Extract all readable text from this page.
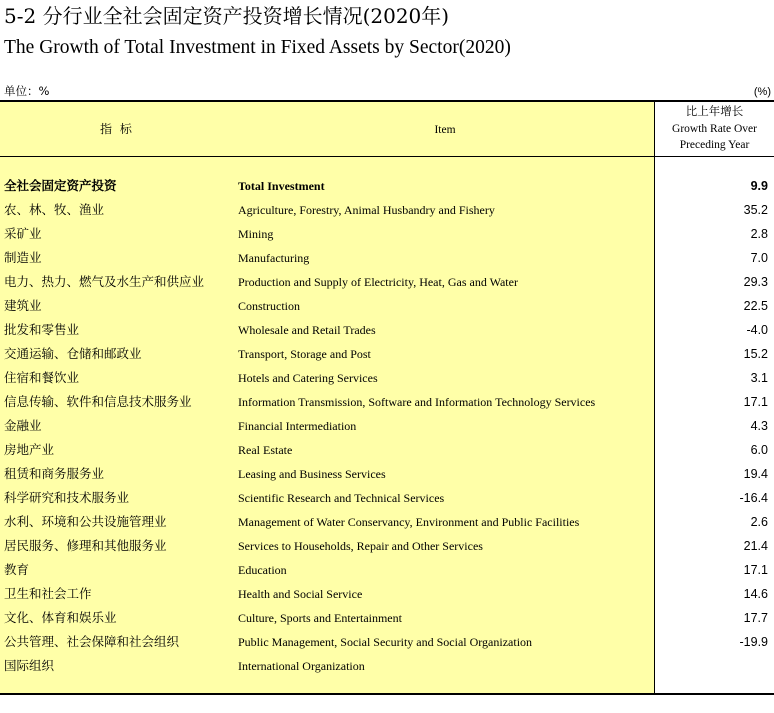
5-2 分行业全社会固定资产投资增长情况(2020年)
The Growth of Total Investment in Fixed Assets by Sector(2020)
单位：%	(%)
指 标	Item
比上年增长
Growth Rate Over
Preceding Year
全社会固定资产投资	Total Investment	9.9
农、林、牧、渔业	Agriculture, Forestry, Animal Husbandry and Fishery	35.2
采矿业	Mining	2.8
制造业	Manufacturing	7.0
电力、热力、燃气及水生产和供应业	Production and Supply of Electricity, Heat, Gas and Water	29.3
建筑业	Construction	22.5
批发和零售业	Wholesale and Retail Trades	-4.0
交通运输、仓储和邮政业	Transport, Storage and Post	15.2
住宿和餐饮业	Hotels and Catering Services	3.1
信息传输、软件和信息技术服务业	Information Transmission, Software and Information Technology Services	17.1
金融业	Financial Intermediation	4.3
房地产业	Real Estate	6.0
租赁和商务服务业	Leasing and Business Services	19.4
科学研究和技术服务业	Scientific Research and Technical Services	-16.4
水利、环境和公共设施管理业	Management of Water Conservancy, Environment and Public Facilities	2.6
居民服务、修理和其他服务业	Services to Households, Repair and Other Services	21.4
教育	Education	17.1
卫生和社会工作	Health and Social Service	14.6
文化、体育和娱乐业	Culture, Sports and Entertainment	17.7
公共管理、社会保障和社会组织	Public Management, Social Security and Social Organization	-19.9
国际组织	International Organization
